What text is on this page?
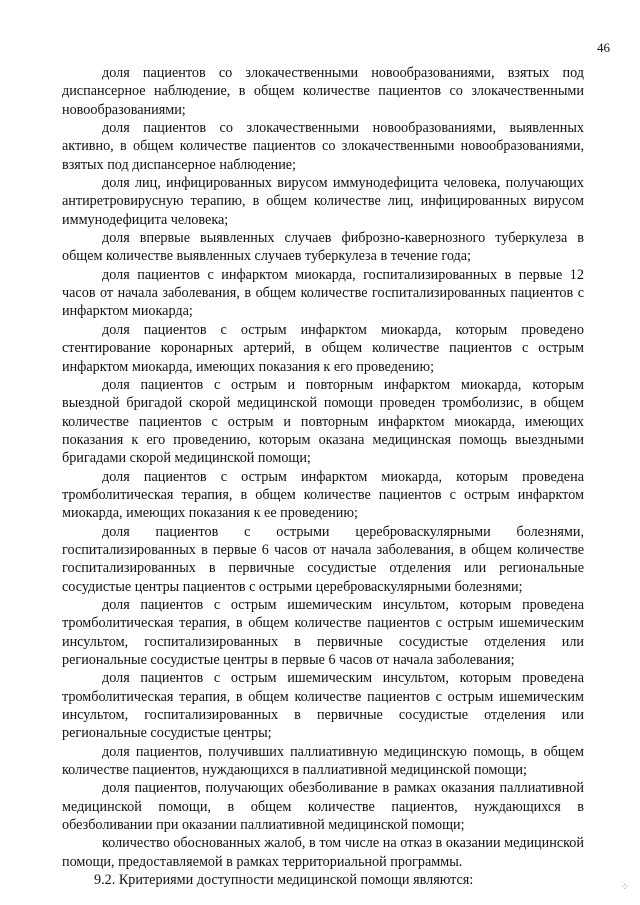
46

доля пациентов со злокачественными новообразованиями, взятых под диспансерное наблюдение, в общем количестве пациентов со злокачественными новообразованиями;

доля пациентов со злокачественными новообразованиями, выявленных активно, в общем количестве пациентов со злокачественными новообразованиями, взятых под диспансерное наблюдение;

доля лиц, инфицированных вирусом иммунодефицита человека, получающих антиретровирусную терапию, в общем количестве лиц, инфицированных вирусом иммунодефицита человека;

доля впервые выявленных случаев фиброзно-кавернозного туберкулеза в общем количестве выявленных случаев туберкулеза в течение года;

доля пациентов с инфарктом миокарда, госпитализированных в первые 12 часов от начала заболевания, в общем количестве госпитализированных пациентов с инфарктом миокарда;

доля пациентов с острым инфарктом миокарда, которым проведено стентирование коронарных артерий, в общем количестве пациентов с острым инфарктом миокарда, имеющих показания к его проведению;

доля пациентов с острым и повторным инфарктом миокарда, которым выездной бригадой скорой медицинской помощи проведен тромболизис, в общем количестве пациентов с острым и повторным инфарктом миокарда, имеющих показания к его проведению, которым оказана медицинская помощь выездными бригадами скорой медицинской помощи;

доля пациентов с острым инфарктом миокарда, которым проведена тромболитическая терапия, в общем количестве пациентов с острым инфарктом миокарда, имеющих показания к ее проведению;

доля пациентов с острыми цереброваскулярными болезнями, госпитализированных в первые 6 часов от начала заболевания, в общем количестве госпитализированных в первичные сосудистые отделения или региональные сосудистые центры пациентов с острыми цереброваскулярными болезнями;

доля пациентов с острым ишемическим инсультом, которым проведена тромболитическая терапия, в общем количестве пациентов с острым ишемическим инсультом, госпитализированных в первичные сосудистые отделения или региональные сосудистые центры в первые 6 часов от начала заболевания;

доля пациентов с острым ишемическим инсультом, которым проведена тромболитическая терапия, в общем количестве пациентов с острым ишемическим инсультом, госпитализированных в первичные сосудистые отделения или региональные сосудистые центры;

доля пациентов, получивших паллиативную медицинскую помощь, в общем количестве пациентов, нуждающихся в паллиативной медицинской помощи;

доля пациентов, получающих обезболивание в рамках оказания паллиативной медицинской помощи, в общем количестве пациентов, нуждающихся в обезболивании при оказании паллиативной медицинской помощи;

количество обоснованных жалоб, в том числе на отказ в оказании медицинской помощи, предоставляемой в рамках территориальной программы.

9.2. Критериями доступности медицинской помощи являются:	⁘
